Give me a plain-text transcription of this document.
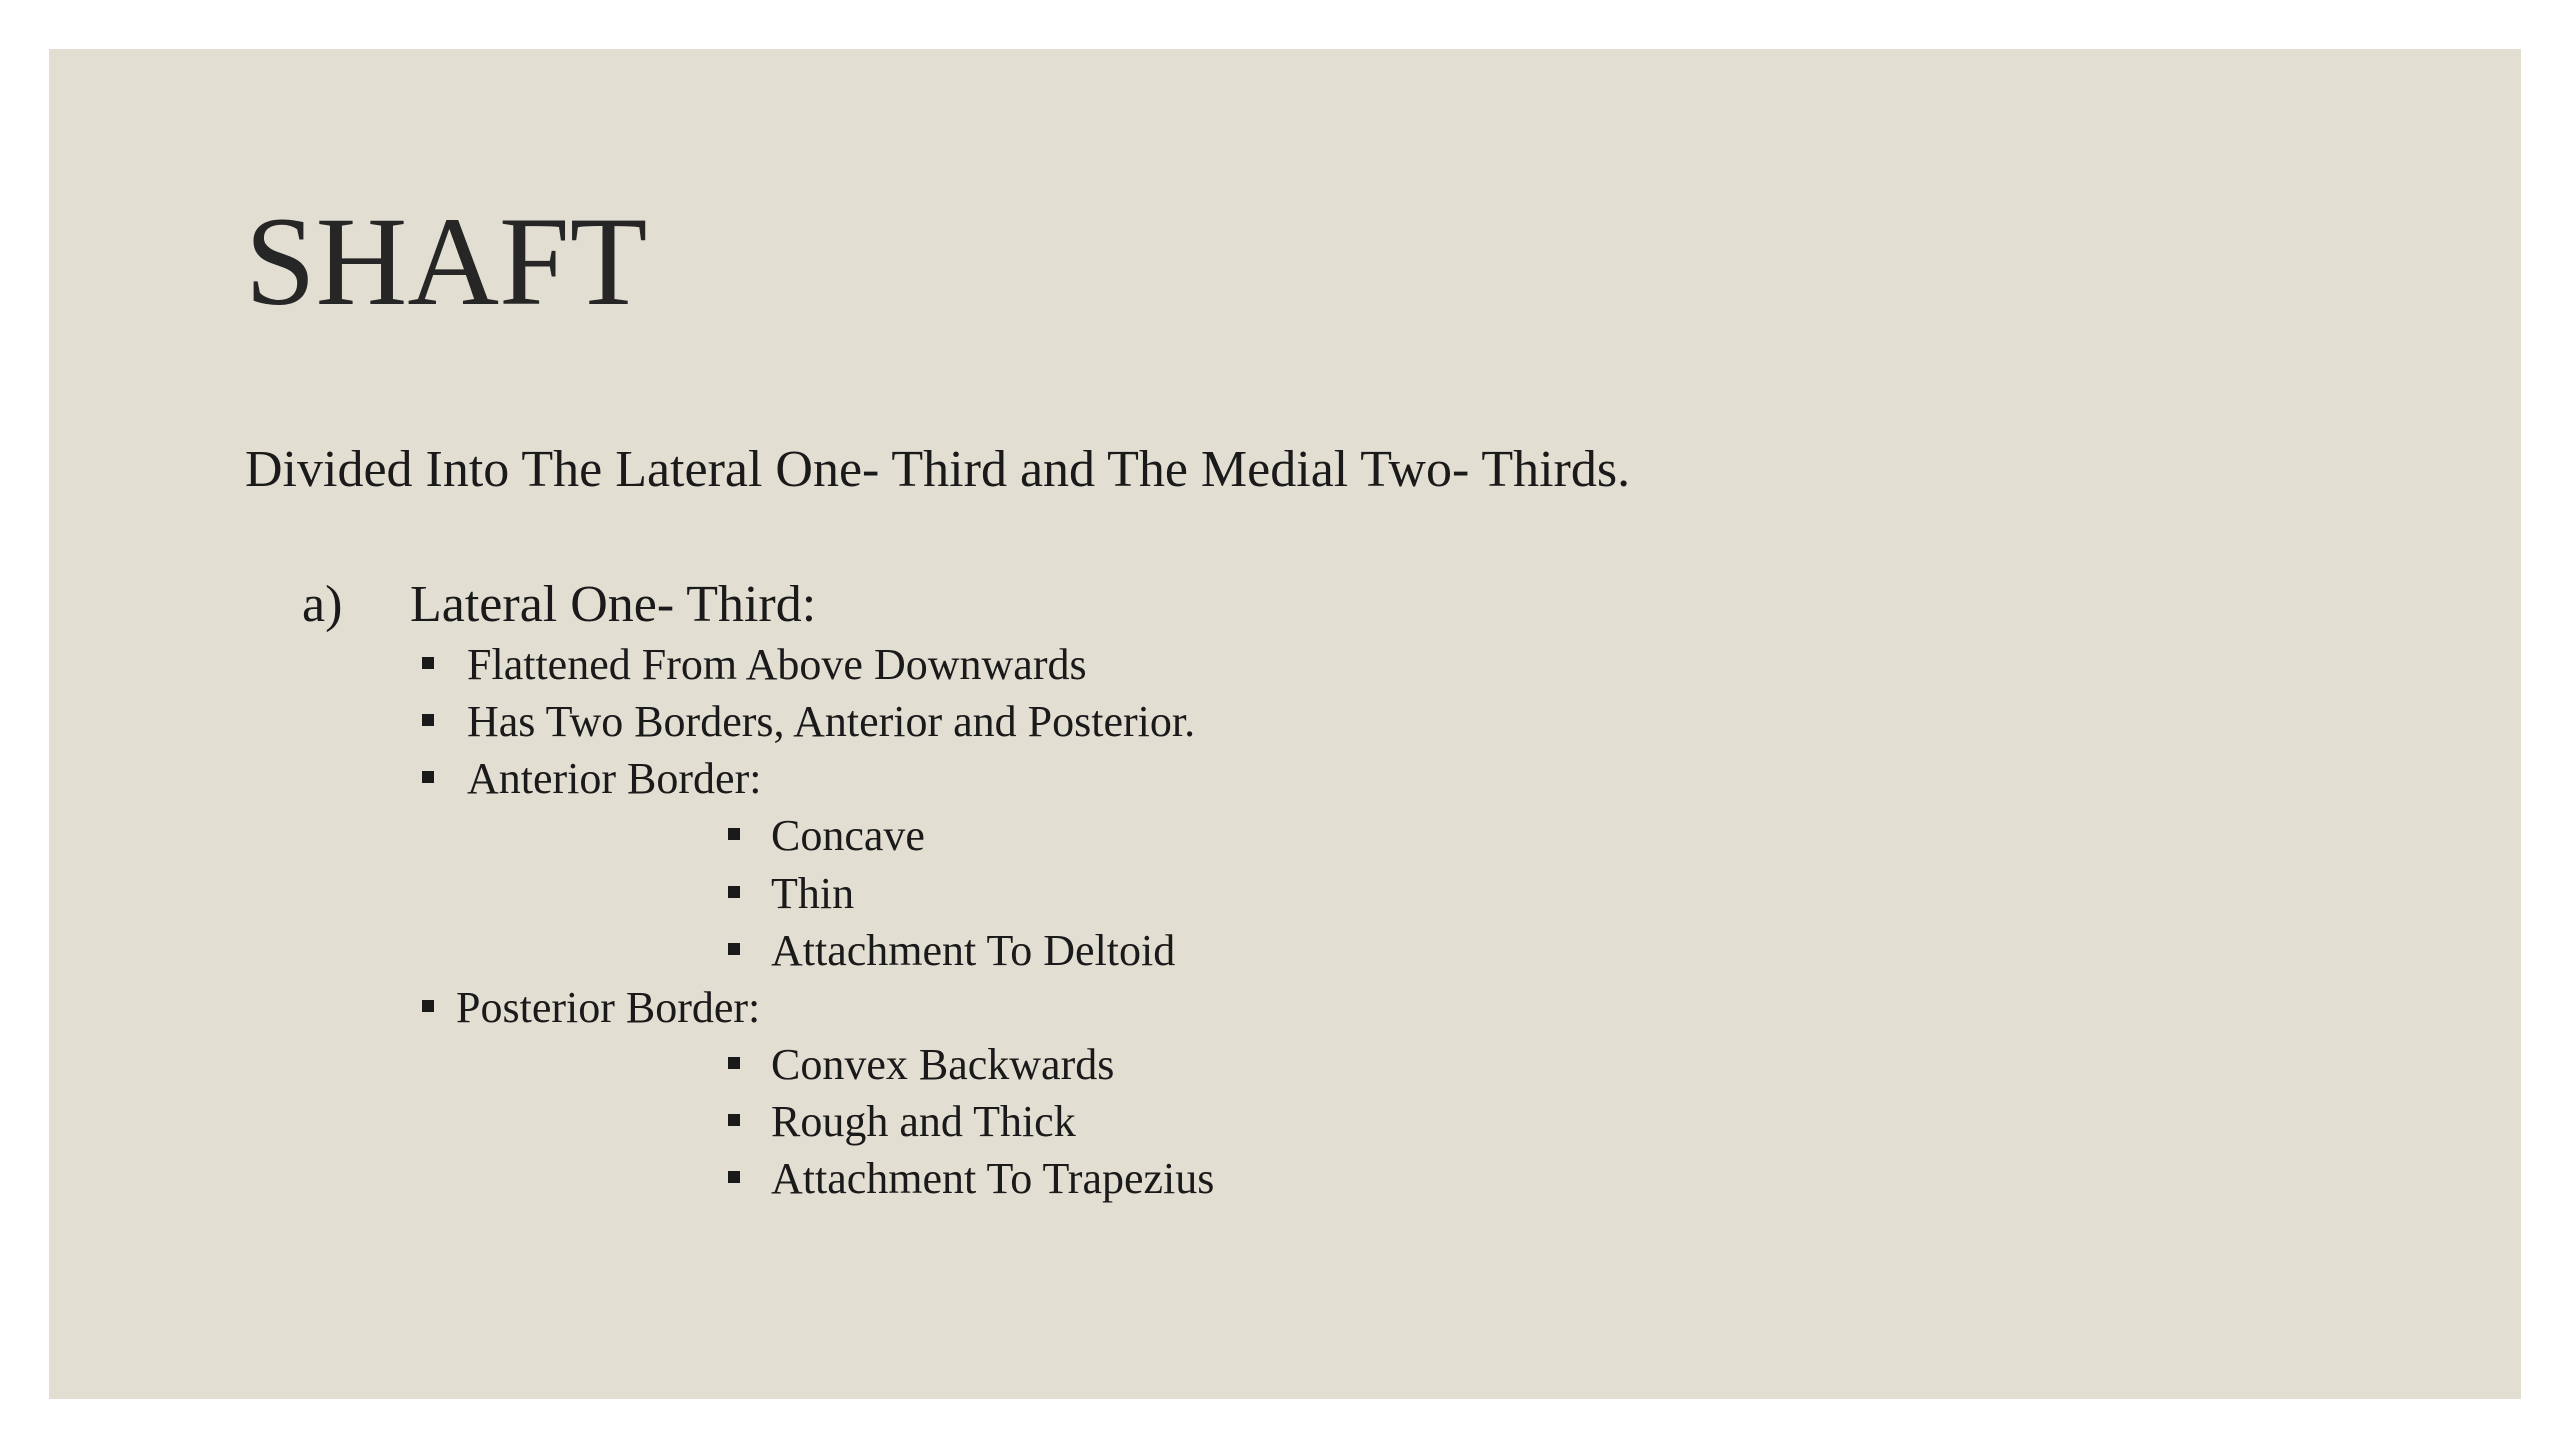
SHAFT

Divided Into The Lateral One- Third and The Medial Two- Thirds.

a) Lateral One- Third:
Flattened From Above Downwards
Has Two Borders, Anterior and Posterior.
Anterior Border:
Concave
Thin
Attachment To Deltoid
Posterior Border:
Convex Backwards
Rough and Thick
Attachment To Trapezius
